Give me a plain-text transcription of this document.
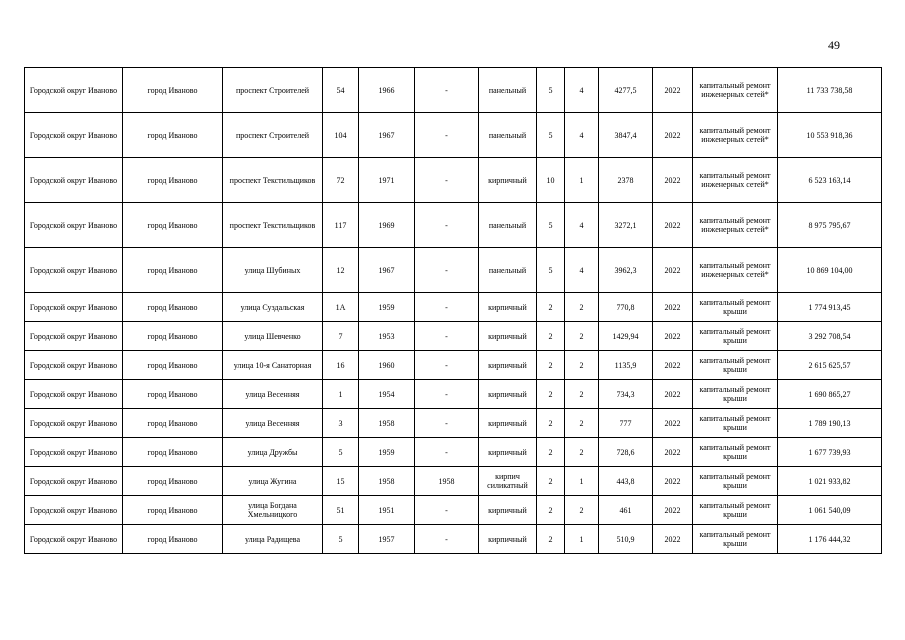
49
Городской округ Иваново	город Иваново	проспект Строителей	54	1966	-	панельный	5	4	4277,5	2022	капитальный ремонт инженерных сетей*	11 733 738,58
Городской округ Иваново	город Иваново	проспект Строителей	104	1967	-	панельный	5	4	3847,4	2022	капитальный ремонт инженерных сетей*	10 553 918,36
Городской округ Иваново	город Иваново	проспект Текстильщиков	72	1971	-	кирпичный	10	1	2378	2022	капитальный ремонт инженерных сетей*	6 523 163,14
Городской округ Иваново	город Иваново	проспект Текстильщиков	117	1969	-	панельный	5	4	3272,1	2022	капитальный ремонт инженерных сетей*	8 975 795,67
Городской округ Иваново	город Иваново	улица Шубиных	12	1967	-	панельный	5	4	3962,3	2022	капитальный ремонт инженерных сетей*	10 869 104,00
Городской округ Иваново	город Иваново	улица Суздальская	1А	1959	-	кирпичный	2	2	770,8	2022	капитальный ремонт крыши	1 774 913,45
Городской округ Иваново	город Иваново	улица Шевченко	7	1953	-	кирпичный	2	2	1429,94	2022	капитальный ремонт крыши	3 292 708,54
Городской округ Иваново	город Иваново	улица 10-я Санаторная	16	1960	-	кирпичный	2	2	1135,9	2022	капитальный ремонт крыши	2 615 625,57
Городской округ Иваново	город Иваново	улица Весенняя	1	1954	-	кирпичный	2	2	734,3	2022	капитальный ремонт крыши	1 690 865,27
Городской округ Иваново	город Иваново	улица Весенняя	3	1958	-	кирпичный	2	2	777	2022	капитальный ремонт крыши	1 789 190,13
Городской округ Иваново	город Иваново	улица Дружбы	5	1959	-	кирпичный	2	2	728,6	2022	капитальный ремонт крыши	1 677 739,93
Городской округ Иваново	город Иваново	улица Жугина	15	1958	1958	кирпич силикатный	2	1	443,8	2022	капитальный ремонт крыши	1 021 933,82
Городской округ Иваново	город Иваново	улица Богдана Хмельницкого	51	1951	-	кирпичный	2	2	461	2022	капитальный ремонт крыши	1 061 540,09
Городской округ Иваново	город Иваново	улица Радищева	5	1957	-	кирпичный	2	1	510,9	2022	капитальный ремонт крыши	1 176 444,32
